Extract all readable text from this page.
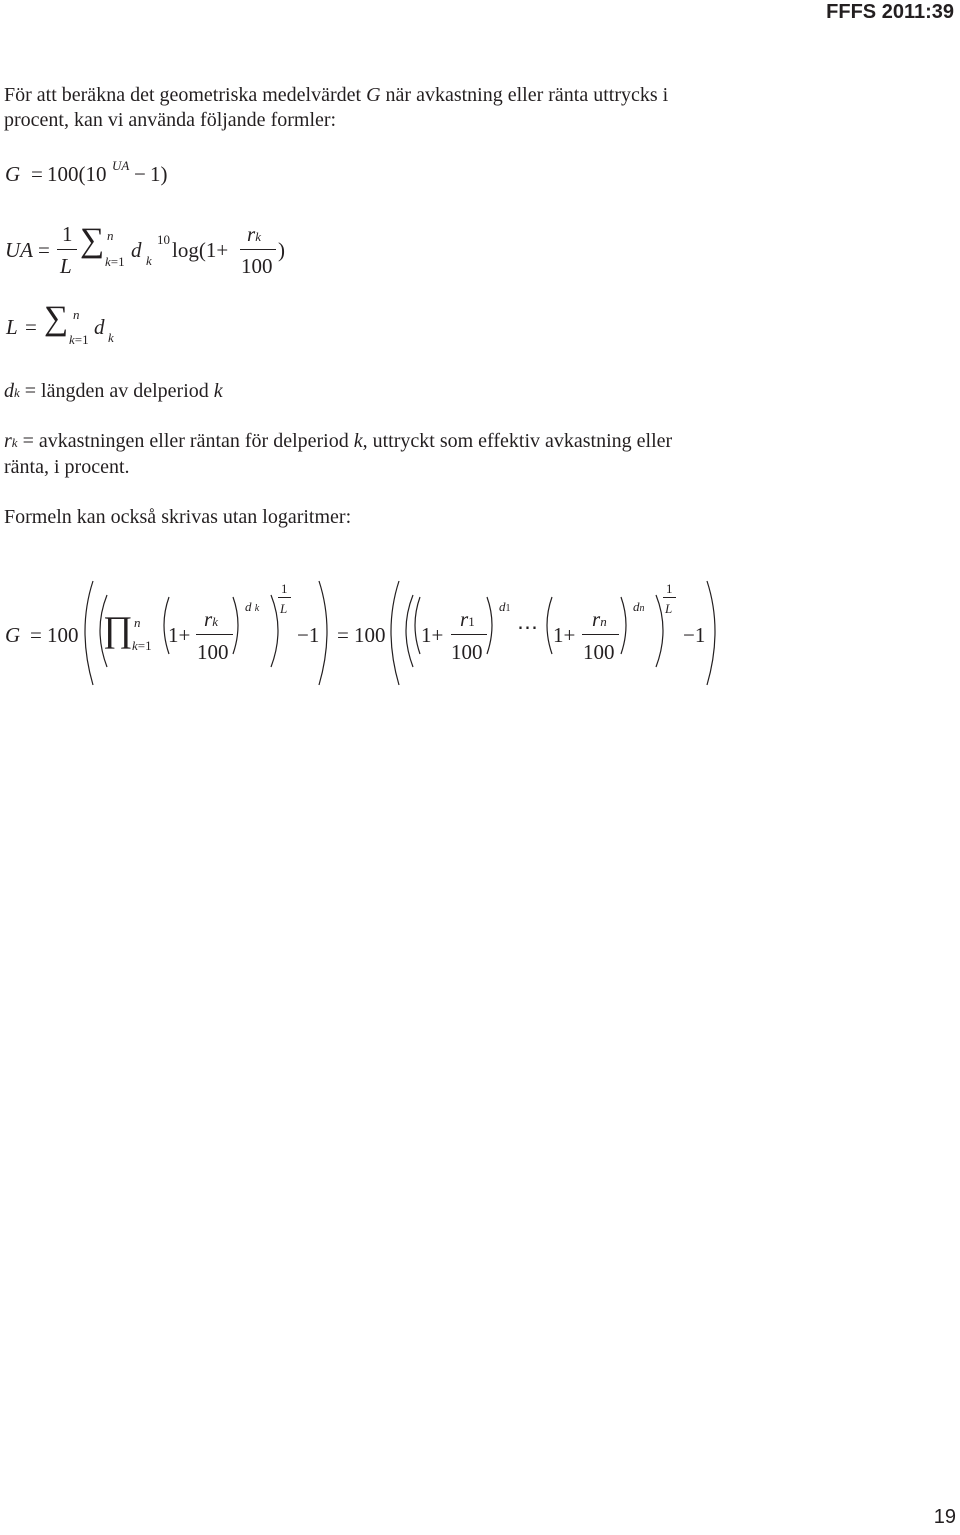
FFFS 2011:39
För att beräkna det geometriska medelvärdet G när avkastning eller ränta uttrycks i
procent, kan vi använda följande formler:
G = 100(10 UA − 1)
UA =
1
L
∑ n
k=1 d k
10 log(1+
rk
100
)
L = ∑ n
k=1
d k
dk = längden av delperiod k
rk = avkastningen eller räntan för delperiod k, uttryckt som effektiv avkastning eller
ränta, i procent.
Formeln kan också skrivas utan logaritmer:
G = 100 ∏ n
k=1 1+
rk
100
d k
1
L
−1 = 100 1+
r1
100
d1
⋯ 1+
rn
100
dn
1
L
−1
19
